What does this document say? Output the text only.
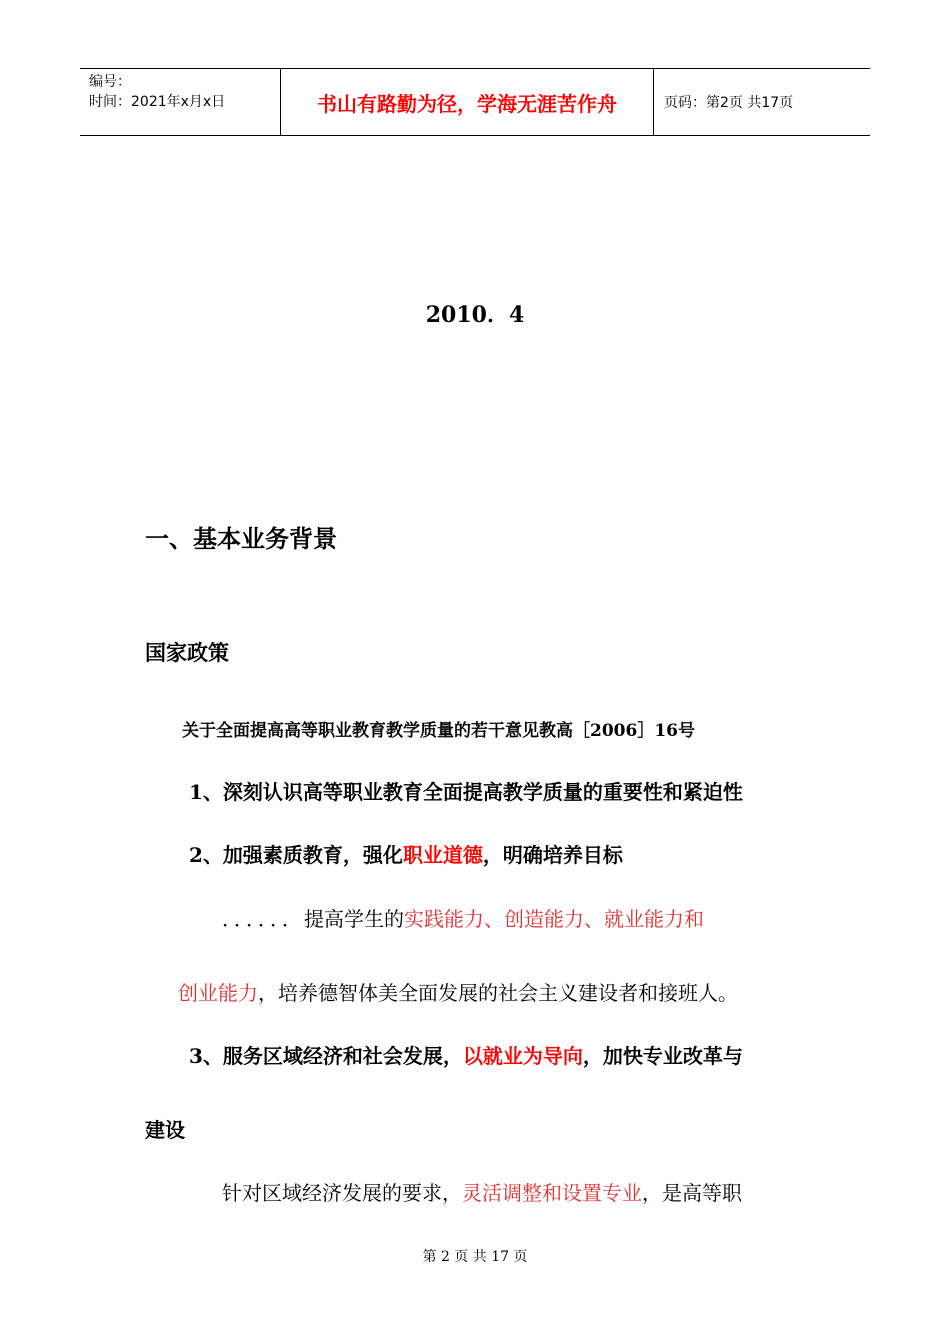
编号：
时间：2021年x月x日	书山有路勤为径，学海无涯苦作舟	页码：第2页 共17页
2010．4
一、基本业务背景
国家政策
关于全面提高高等职业教育教学质量的若干意见教高［2006］16号
1、深刻认识高等职业教育全面提高教学质量的重要性和紧迫性
2、加强素质教育，强化职业道德，明确培养目标
．．．．．．提高学生的实践能力、创造能力、就业能力和
创业能力，培养德智体美全面发展的社会主义建设者和接班人。
3、服务区域经济和社会发展，以就业为导向，加快专业改革与
建设
针对区域经济发展的要求，灵活调整和设置专业，是高等职
第 2 页 共 17 页
